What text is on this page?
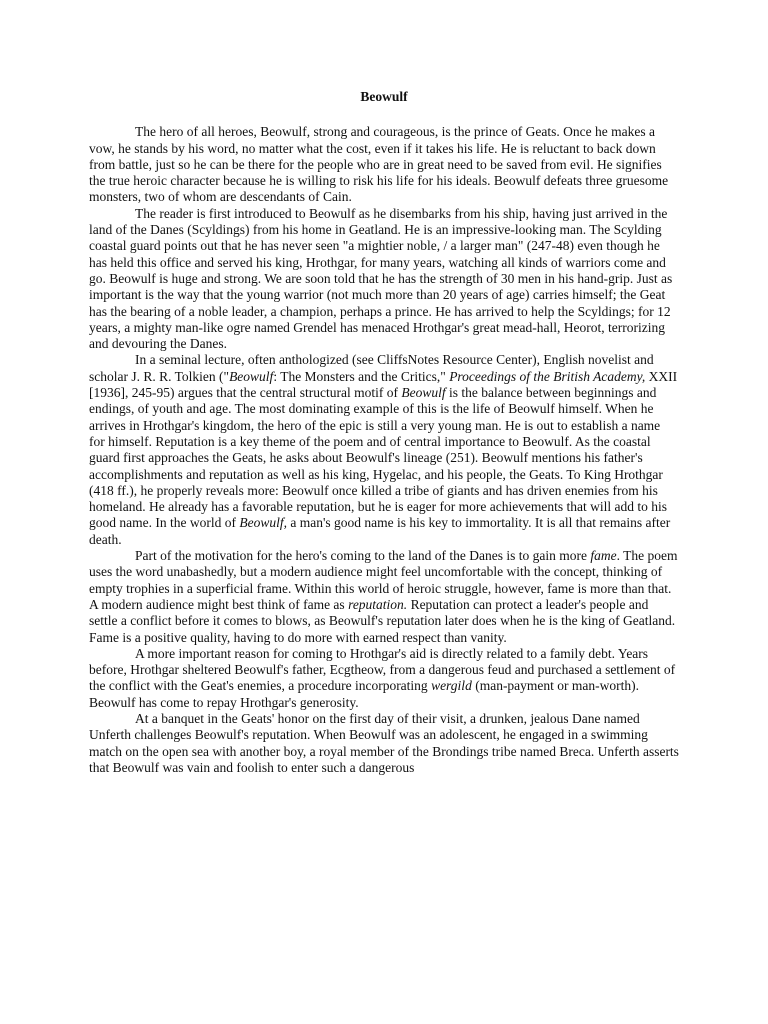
Beowulf

The hero of all heroes, Beowulf, strong and courageous, is the prince of Geats. Once he makes a vow, he stands by his word, no matter what the cost, even if it takes his life. He is reluctant to back down from battle, just so he can be there for the people who are in great need to be saved from evil. He signifies the true heroic character because he is willing to risk his life for his ideals. Beowulf defeats three gruesome monsters, two of whom are descendants of Cain.

The reader is first introduced to Beowulf as he disembarks from his ship, having just arrived in the land of the Danes (Scyldings) from his home in Geatland. He is an impressive-looking man. The Scylding coastal guard points out that he has never seen "a mightier noble, / a larger man" (247-48) even though he has held this office and served his king, Hrothgar, for many years, watching all kinds of warriors come and go. Beowulf is huge and strong. We are soon told that he has the strength of 30 men in his hand-grip. Just as important is the way that the young warrior (not much more than 20 years of age) carries himself; the Geat has the bearing of a noble leader, a champion, perhaps a prince. He has arrived to help the Scyldings; for 12 years, a mighty man-like ogre named Grendel has menaced Hrothgar's great mead-hall, Heorot, terrorizing and devouring the Danes.

In a seminal lecture, often anthologized (see CliffsNotes Resource Center), English novelist and scholar J. R. R. Tolkien ("Beowulf: The Monsters and the Critics," Proceedings of the British Academy, XXII [1936], 245-95) argues that the central structural motif of Beowulf is the balance between beginnings and endings, of youth and age. The most dominating example of this is the life of Beowulf himself. When he arrives in Hrothgar's kingdom, the hero of the epic is still a very young man. He is out to establish a name for himself. Reputation is a key theme of the poem and of central importance to Beowulf. As the coastal guard first approaches the Geats, he asks about Beowulf's lineage (251). Beowulf mentions his father's accomplishments and reputation as well as his king, Hygelac, and his people, the Geats. To King Hrothgar (418 ff.), he properly reveals more: Beowulf once killed a tribe of giants and has driven enemies from his homeland. He already has a favorable reputation, but he is eager for more achievements that will add to his good name. In the world of Beowulf, a man's good name is his key to immortality. It is all that remains after death.

Part of the motivation for the hero's coming to the land of the Danes is to gain more fame. The poem uses the word unabashedly, but a modern audience might feel uncomfortable with the concept, thinking of empty trophies in a superficial frame. Within this world of heroic struggle, however, fame is more than that. A modern audience might best think of fame as reputation. Reputation can protect a leader's people and settle a conflict before it comes to blows, as Beowulf's reputation later does when he is the king of Geatland. Fame is a positive quality, having to do more with earned respect than vanity.

A more important reason for coming to Hrothgar's aid is directly related to a family debt. Years before, Hrothgar sheltered Beowulf's father, Ecgtheow, from a dangerous feud and purchased a settlement of the conflict with the Geat's enemies, a procedure incorporating wergild (man-payment or man-worth). Beowulf has come to repay Hrothgar's generosity.

At a banquet in the Geats' honor on the first day of their visit, a drunken, jealous Dane named Unferth challenges Beowulf's reputation. When Beowulf was an adolescent, he engaged in a swimming match on the open sea with another boy, a royal member of the Brondings tribe named Breca. Unferth asserts that Beowulf was vain and foolish to enter such a dangerous
